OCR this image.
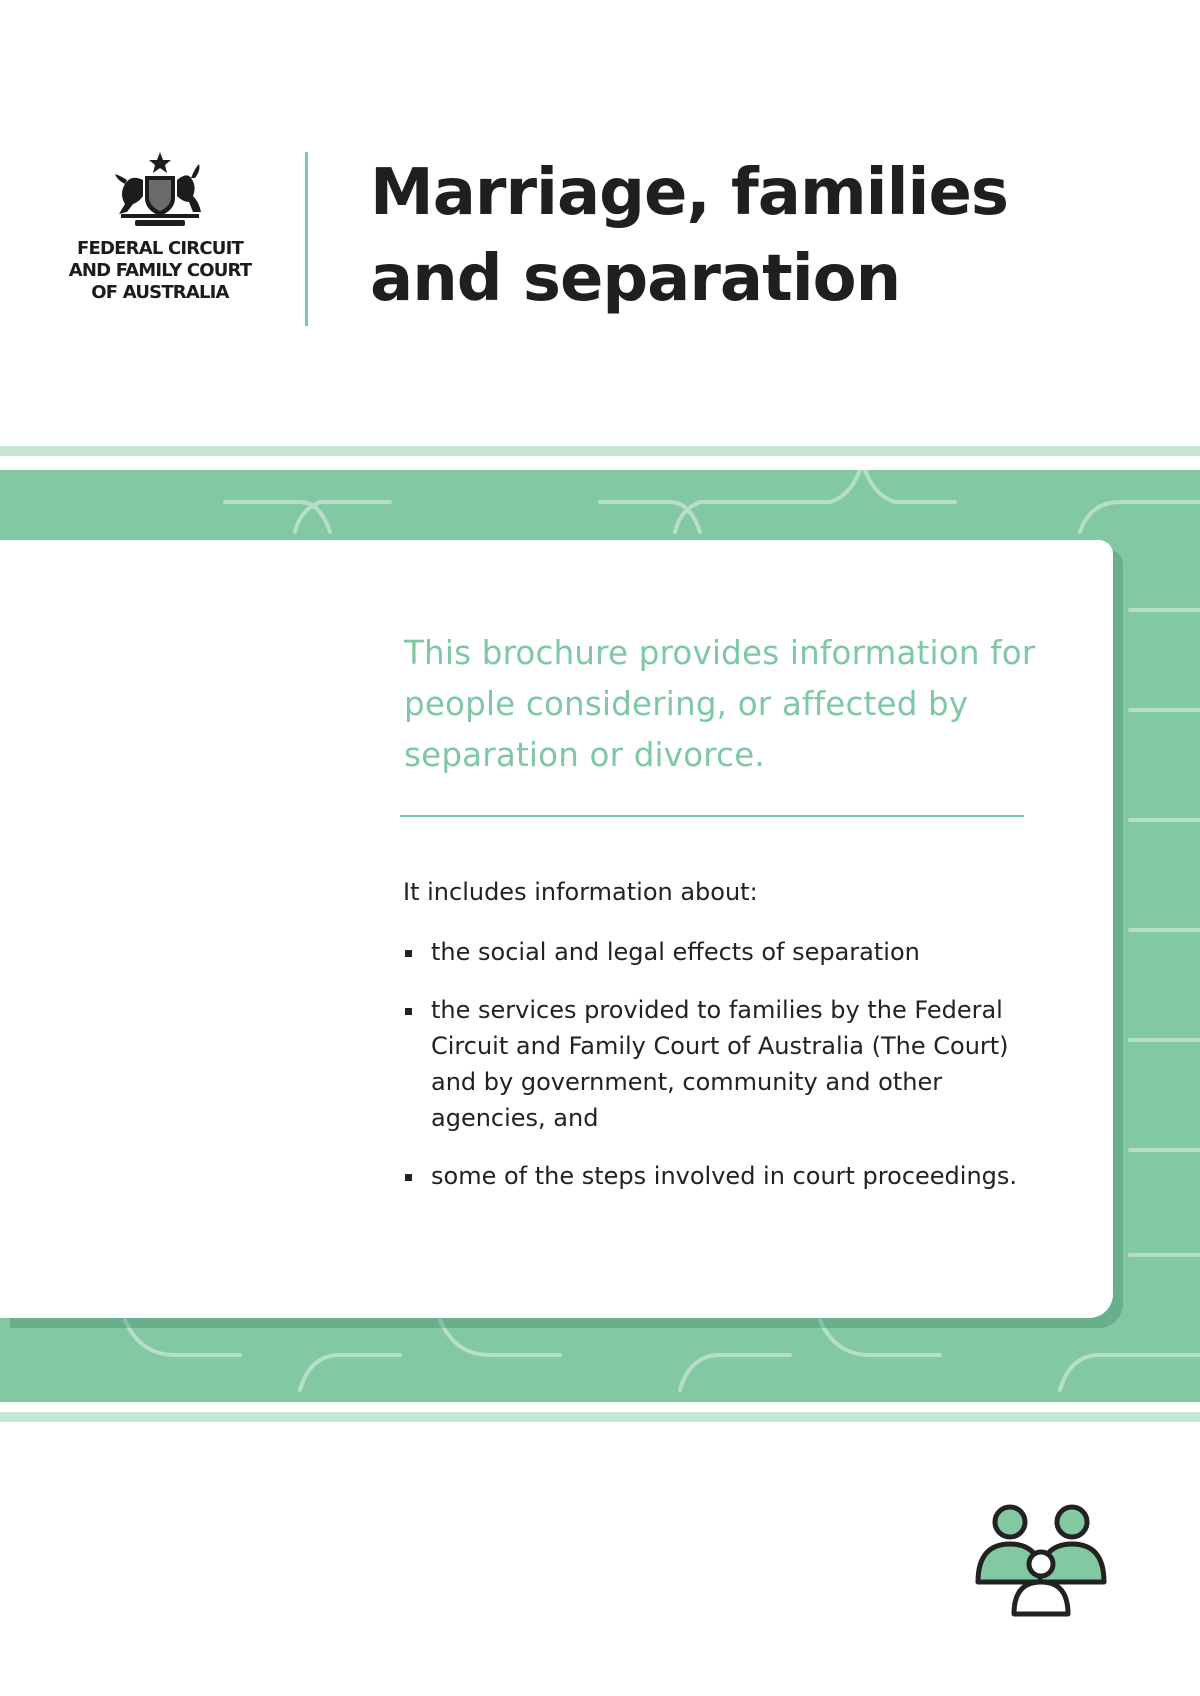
FEDERAL CIRCUIT
AND FAMILY COURT
OF AUSTRALIA
Marriage, families
and separation

This brochure provides information for people considering, or affected by separation or divorce.

It includes information about:

the social and legal effects of separation
the services provided to families by the Federal Circuit and Family Court of Australia (The Court) and by government, community and other agencies, and
some of the steps involved in court proceedings.
